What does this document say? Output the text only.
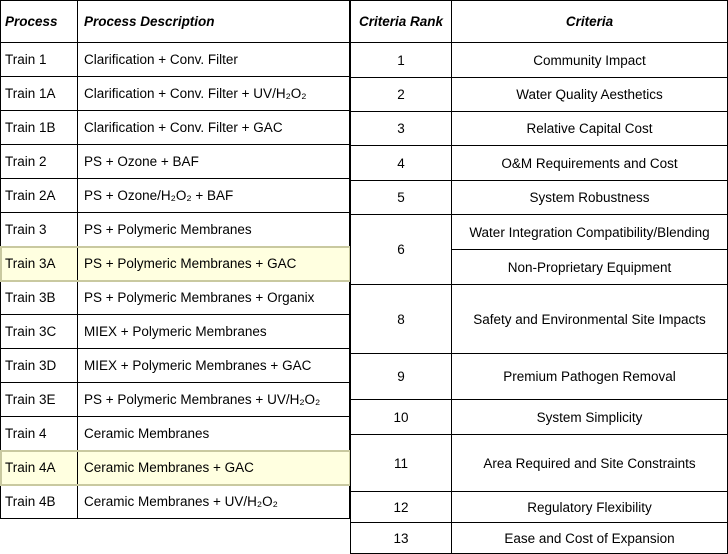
Process	Process Description
Train 1	Clarification + Conv. Filter
Train 1A	Clarification + Conv. Filter + UV/H₂O₂
Train 1B	Clarification + Conv. Filter + GAC
Train 2	PS + Ozone + BAF
Train 2A	PS + Ozone/H₂O₂ + BAF
Train 3	PS + Polymeric Membranes
Train 3A	PS + Polymeric Membranes + GAC
Train 3B	PS + Polymeric Membranes + Organix
Train 3C	MIEX + Polymeric Membranes
Train 3D	MIEX + Polymeric Membranes + GAC
Train 3E	PS + Polymeric Membranes + UV/H₂O₂
Train 4	Ceramic Membranes
Train 4A	Ceramic Membranes + GAC
Train 4B	Ceramic Membranes + UV/H₂O₂
Criteria Rank	Criteria
1	Community Impact
2	Water Quality Aesthetics
3	Relative Capital Cost
4	O&M Requirements and Cost
5	System Robustness
6	Water Integration Compatibility/Blending
	Non-Proprietary Equipment
8	Safety and Environmental Site Impacts
9	Premium Pathogen Removal
10	System Simplicity
11	Area Required and Site Constraints
12	Regulatory Flexibility
13	Ease and Cost of Expansion
